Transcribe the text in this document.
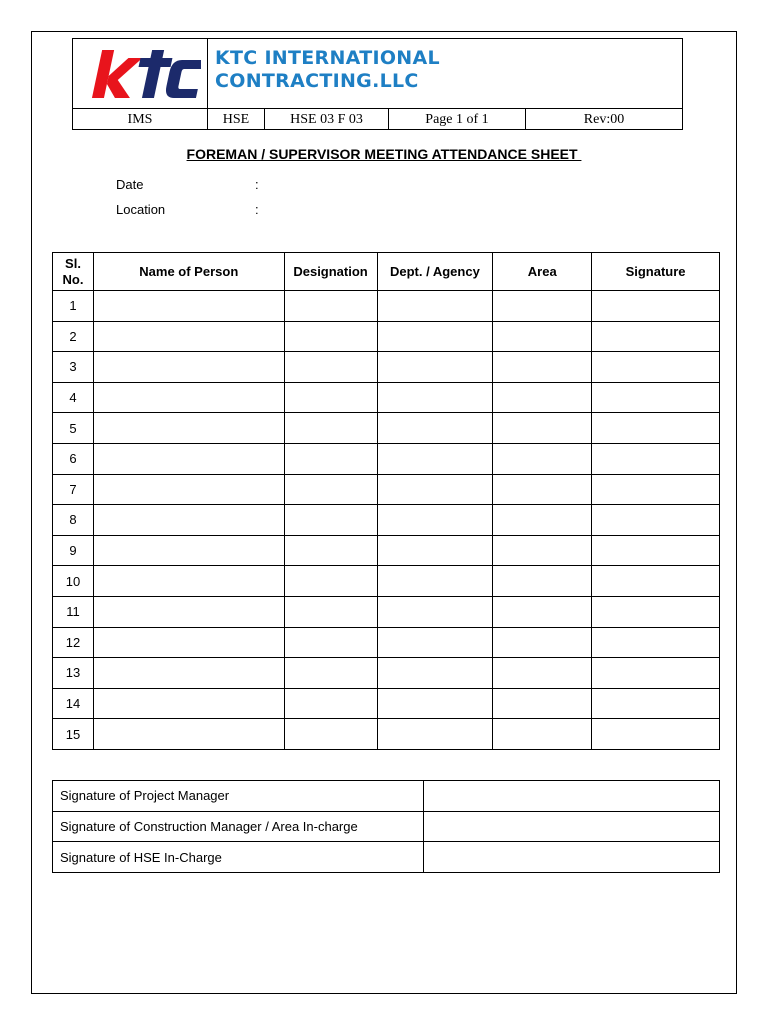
KTC INTERNATIONAL
CONTRACTING.LLC
IMS	HSE	HSE 03 F 03	Page 1 of 1	Rev:00
FOREMAN / SUPERVISOR MEETING ATTENDANCE SHEET
Date	:
Location	:
Sl. No.	Name of Person	Designation	Dept. / Agency	Area	Signature
1					
2					
3					
4					
5					
6					
7					
8					
9					
10					
11					
12					
13					
14					
15					
Signature of Project Manager	
Signature of Construction Manager / Area In-charge	
Signature of HSE In-Charge	
